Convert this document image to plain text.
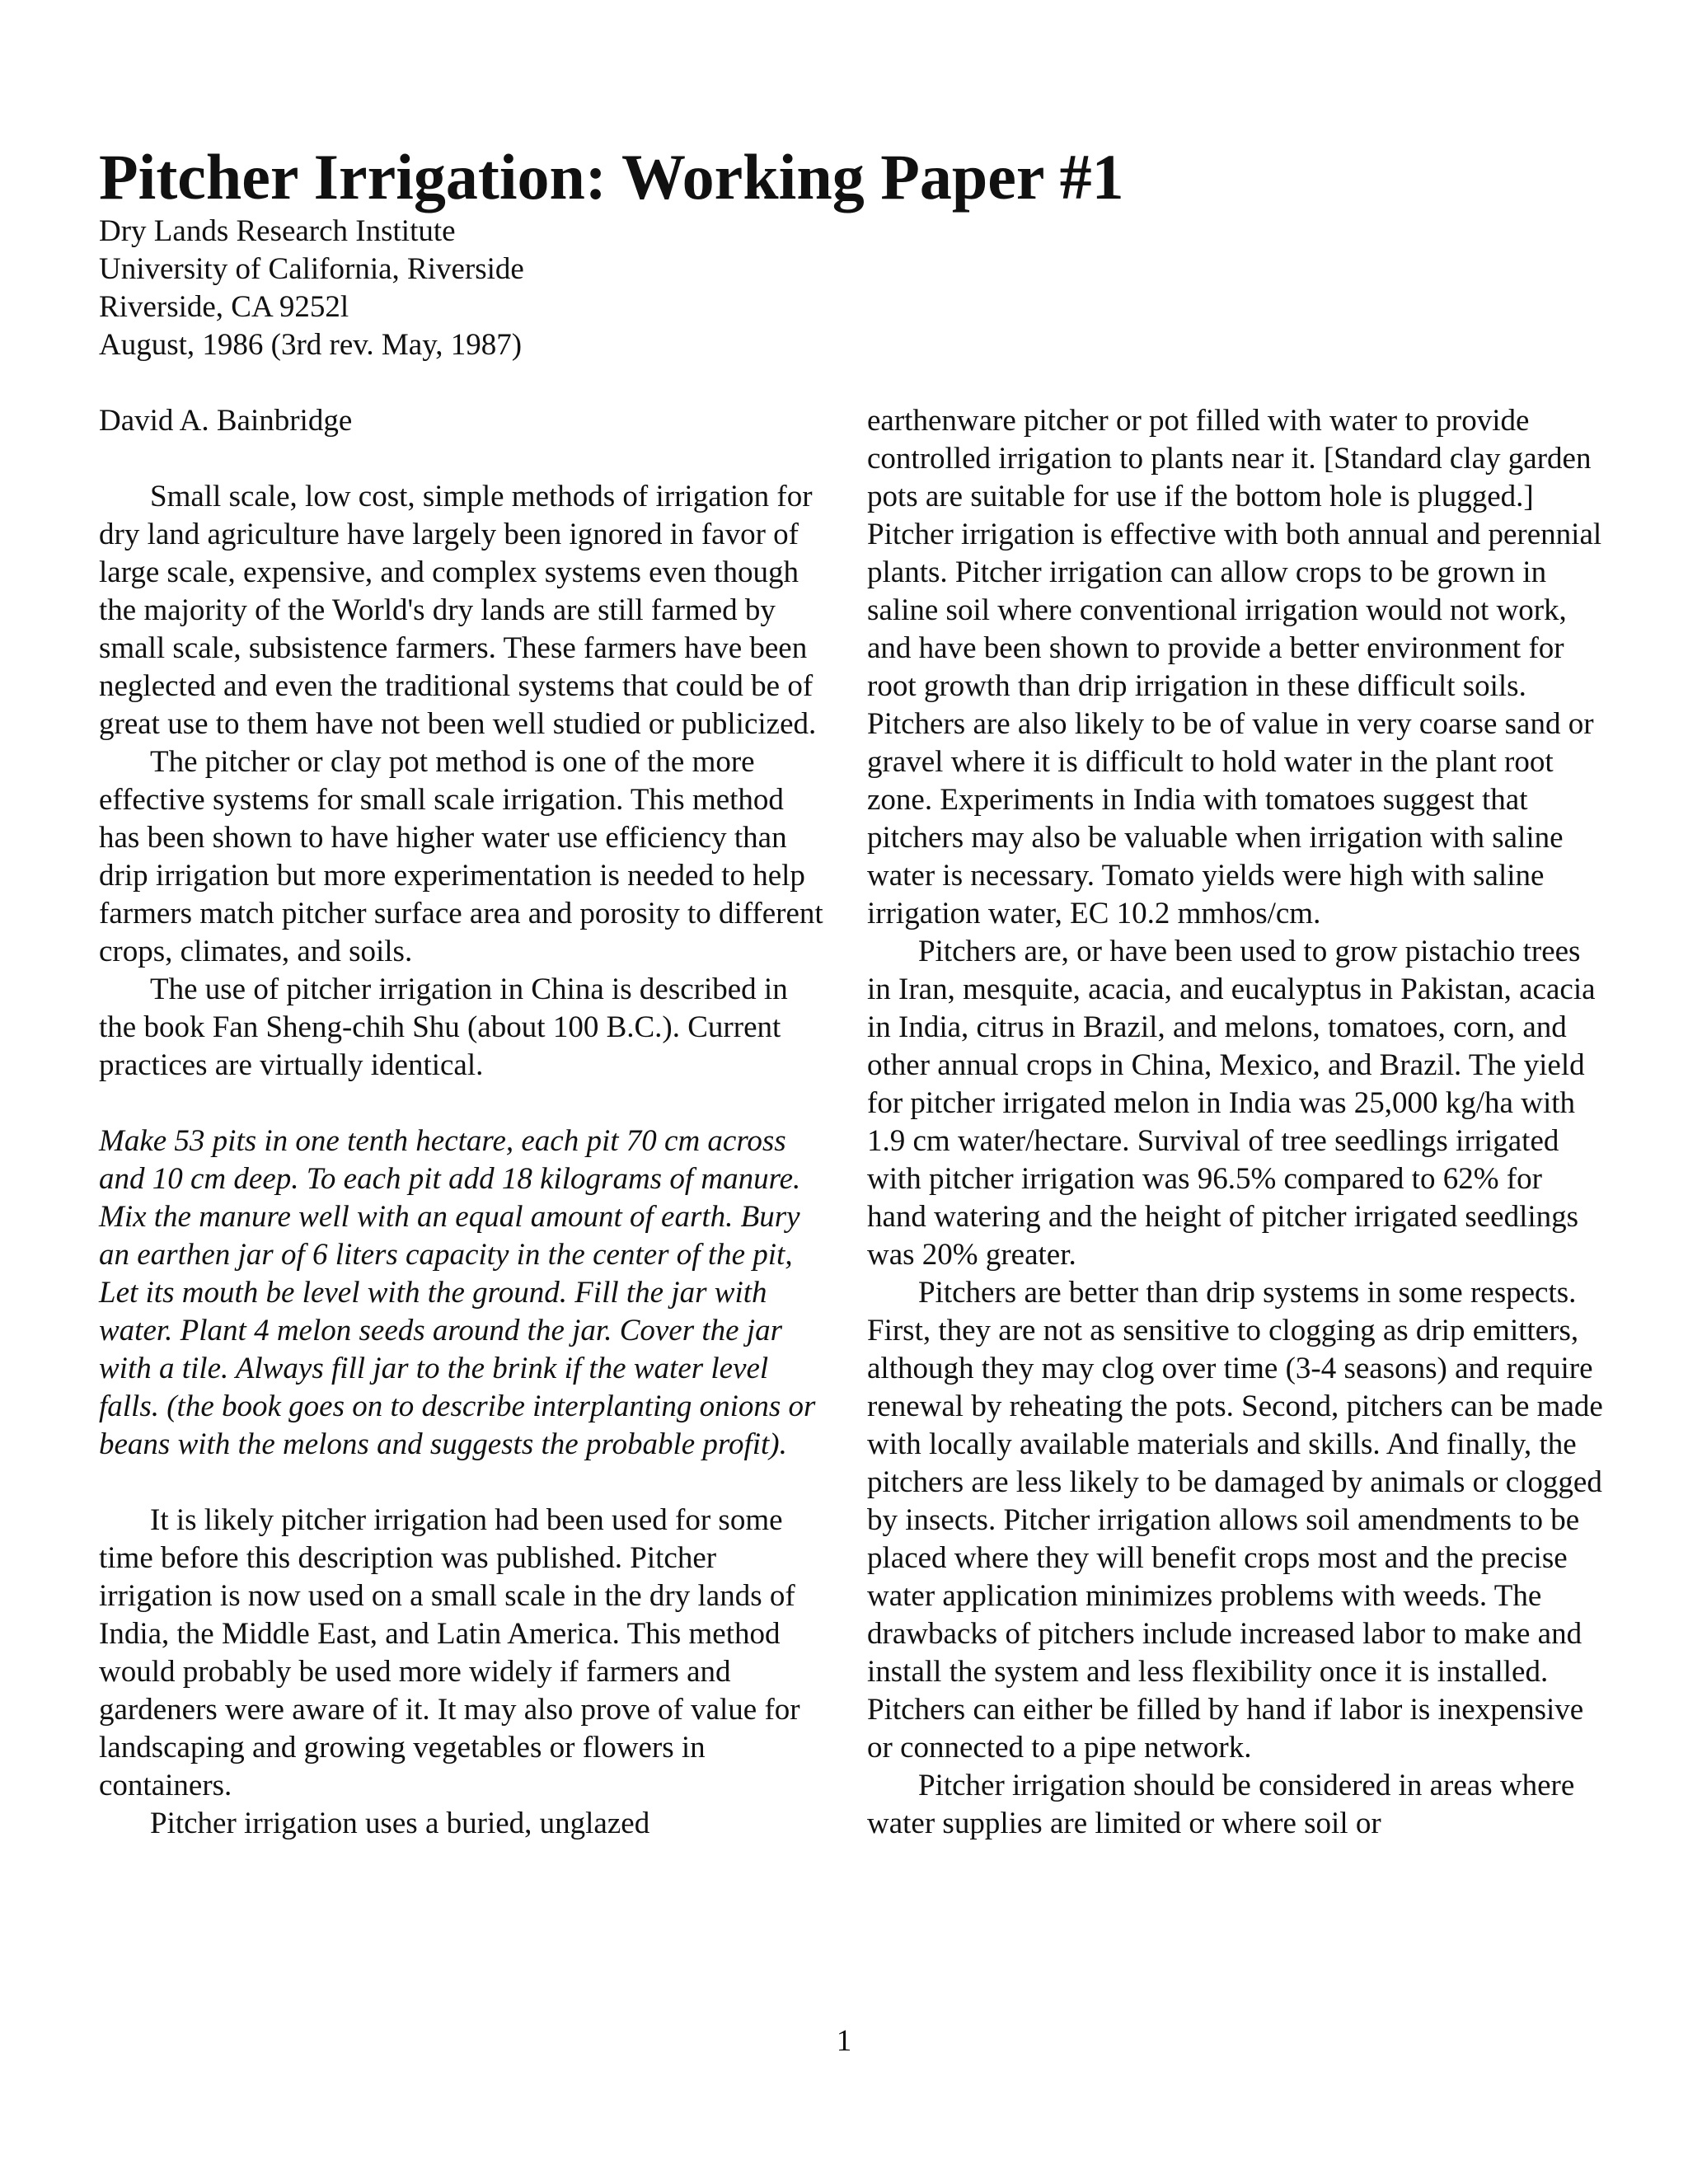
Pitcher Irrigation: Working Paper #1
Dry Lands Research Institute
University of California, Riverside
Riverside, CA 9252l
August, 1986 (3rd rev. May, 1987)

David A. Bainbridge

Small scale, low cost, simple methods of irrigation for dry land agriculture have largely been ignored in favor of large scale, expensive, and complex systems even though the majority of the World's dry lands are still farmed by small scale, subsistence farmers. These farmers have been neglected and even the traditional systems that could be of great use to them have not been well studied or publicized.

The pitcher or clay pot method is one of the more effective systems for small scale irrigation. This method has been shown to have higher water use efficiency than drip irrigation but more experimentation is needed to help farmers match pitcher surface area and porosity to different crops, climates, and soils.

The use of pitcher irrigation in China is described in the book Fan Sheng-chih Shu (about 100 B.C.). Current practices are virtually identical.

Make 53 pits in one tenth hectare, each pit 70 cm across and 10 cm deep. To each pit add 18 kilograms of manure. Mix the manure well with an equal amount of earth. Bury an earthen jar of 6 liters capacity in the center of the pit, Let its mouth be level with the ground. Fill the jar with water. Plant 4 melon seeds around the jar. Cover the jar with a tile. Always fill jar to the brink if the water level falls. (the book goes on to describe interplanting onions or beans with the melons and suggests the probable profit).

It is likely pitcher irrigation had been used for some time before this description was published. Pitcher irrigation is now used on a small scale in the dry lands of India, the Middle East, and Latin America. This method would probably be used more widely if farmers and gardeners were aware of it. It may also prove of value for landscaping and growing vegetables or flowers in containers.

Pitcher irrigation uses a buried, unglazed

earthenware pitcher or pot filled with water to provide controlled irrigation to plants near it. [Standard clay garden pots are suitable for use if the bottom hole is plugged.] Pitcher irrigation is effective with both annual and perennial plants. Pitcher irrigation can allow crops to be grown in saline soil where conventional irrigation would not work, and have been shown to provide a better environment for root growth than drip irrigation in these difficult soils. Pitchers are also likely to be of value in very coarse sand or gravel where it is difficult to hold water in the plant root zone. Experiments in India with tomatoes suggest that pitchers may also be valuable when irrigation with saline water is necessary. Tomato yields were high with saline irrigation water, EC 10.2 mmhos/cm.

Pitchers are, or have been used to grow pistachio trees in Iran, mesquite, acacia, and eucalyptus in Pakistan, acacia in India, citrus in Brazil, and melons, tomatoes, corn, and other annual crops in China, Mexico, and Brazil. The yield for pitcher irrigated melon in India was 25,000 kg/ha with 1.9 cm water/hectare. Survival of tree seedlings irrigated with pitcher irrigation was 96.5% compared to 62% for hand watering and the height of pitcher irrigated seedlings was 20% greater.

Pitchers are better than drip systems in some respects. First, they are not as sensitive to clogging as drip emitters, although they may clog over time (3-4 seasons) and require renewal by reheating the pots. Second, pitchers can be made with locally available materials and skills. And finally, the pitchers are less likely to be damaged by animals or clogged by insects. Pitcher irrigation allows soil amendments to be placed where they will benefit crops most and the precise water application minimizes problems with weeds. The drawbacks of pitchers include increased labor to make and install the system and less flexibility once it is installed. Pitchers can either be filled by hand if labor is inexpensive or connected to a pipe network.

Pitcher irrigation should be considered in areas where water supplies are limited or where soil or

1
